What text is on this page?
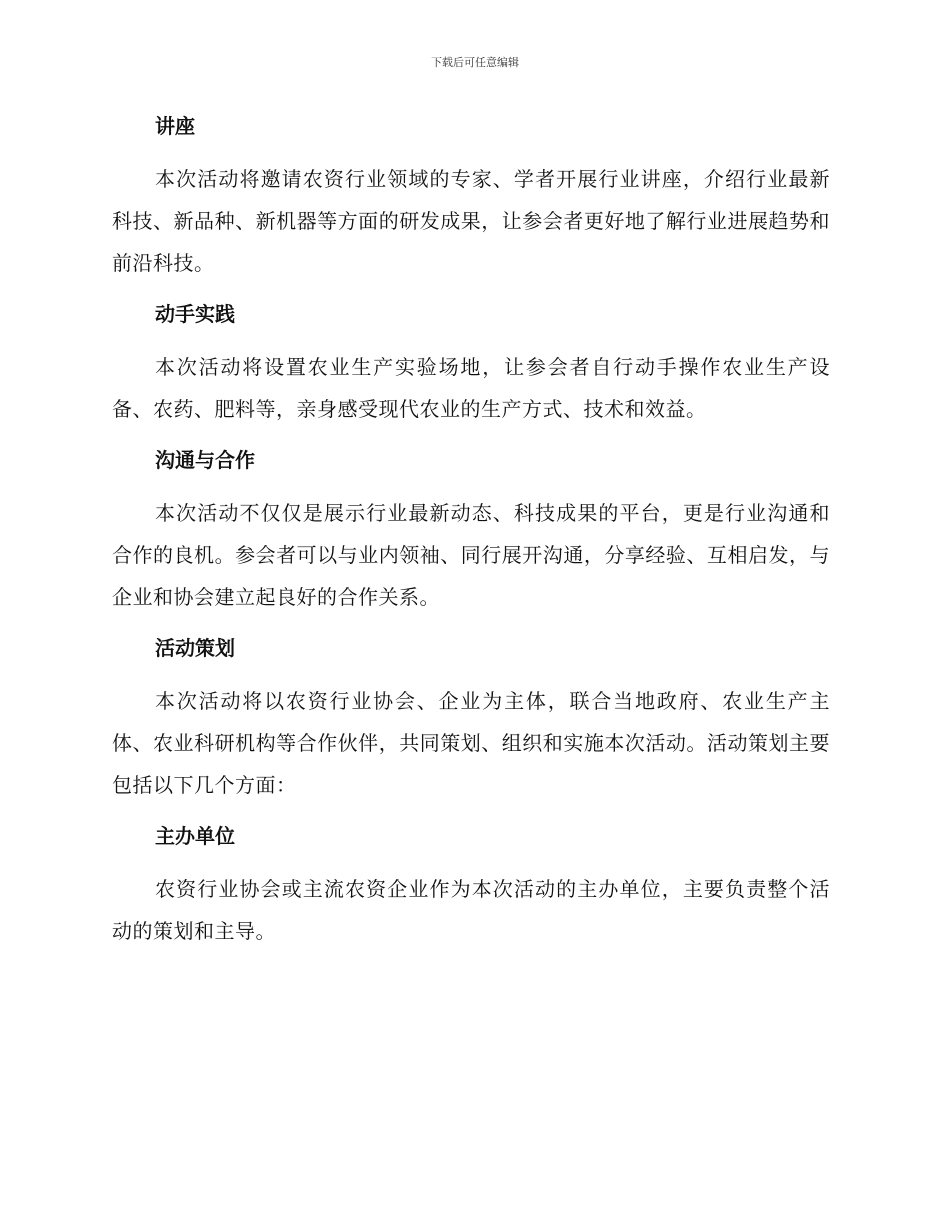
下载后可任意编辑
讲座

本次活动将邀请农资行业领域的专家、学者开展行业讲座，介绍行业最新科技、新品种、新机器等方面的研发成果，让参会者更好地了解行业进展趋势和前沿科技。

动手实践

本次活动将设置农业生产实验场地，让参会者自行动手操作农业生产设备、农药、肥料等，亲身感受现代农业的生产方式、技术和效益。

沟通与合作

本次活动不仅仅是展示行业最新动态、科技成果的平台，更是行业沟通和合作的良机。参会者可以与业内领袖、同行展开沟通，分享经验、互相启发，与企业和协会建立起良好的合作关系。

活动策划

本次活动将以农资行业协会、企业为主体，联合当地政府、农业生产主体、农业科研机构等合作伙伴，共同策划、组织和实施本次活动。活动策划主要包括以下几个方面：

主办单位

农资行业协会或主流农资企业作为本次活动的主办单位，主要负责整个活动的策划和主导。
